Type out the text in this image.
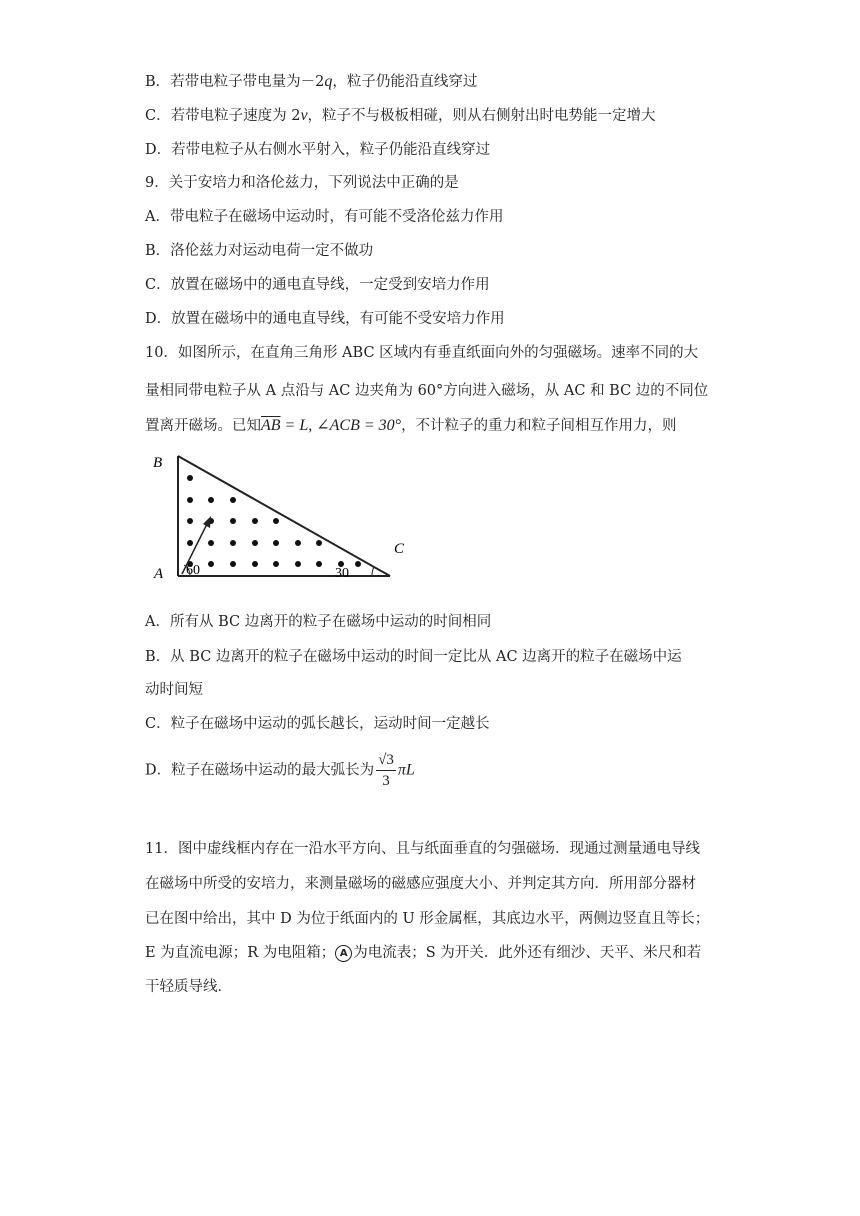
B．若带电粒子带电量为－2q，粒子仍能沿直线穿过
C．若带电粒子速度为 2v，粒子不与极板相碰，则从右侧射出时电势能一定增大
D．若带电粒子从右侧水平射入，粒子仍能沿直线穿过
9．关于安培力和洛伦兹力，下列说法中正确的是
A．带电粒子在磁场中运动时，有可能不受洛伦兹力作用
B．洛伦兹力对运动电荷一定不做功
C．放置在磁场中的通电直导线，一定受到安培力作用
D．放置在磁场中的通电直导线，有可能不受安培力作用
10．如图所示，在直角三角形 ABC 区域内有垂直纸面向外的匀强磁场。速率不同的大
量相同带电粒子从 A 点沿与 AC 边夹角为 60°方向进入磁场，从 AC 和 BC 边的不同位
置离开磁场。已知$\overline{AB} = L$, ∠ACB = 30°，不计粒子的重力和粒子间相互作用力，则
B
A
C
60	30
A．所有从 BC 边离开的粒子在磁场中运动的时间相同
B．从 BC 边离开的粒子在磁场中运动的时间一定比从 AC 边离开的粒子在磁场中运
动时间短
C．粒子在磁场中运动的弧长越长，运动时间一定越长
D．粒子在磁场中运动的最大弧长为 $\frac{√3}{3}$ πL
11．图中虚线框内存在一沿水平方向、且与纸面垂直的匀强磁场．现通过测量通电导线
在磁场中所受的安培力，来测量磁场的磁感应强度大小、并判定其方向．所用部分器材
已在图中给出，其中 D 为位于纸面内的 U 形金属框，其底边水平，两侧边竖直且等长；
E 为直流电源；R 为电阻箱； A 为电流表；S 为开关．此外还有细沙、天平、米尺和若
干轻质导线．
